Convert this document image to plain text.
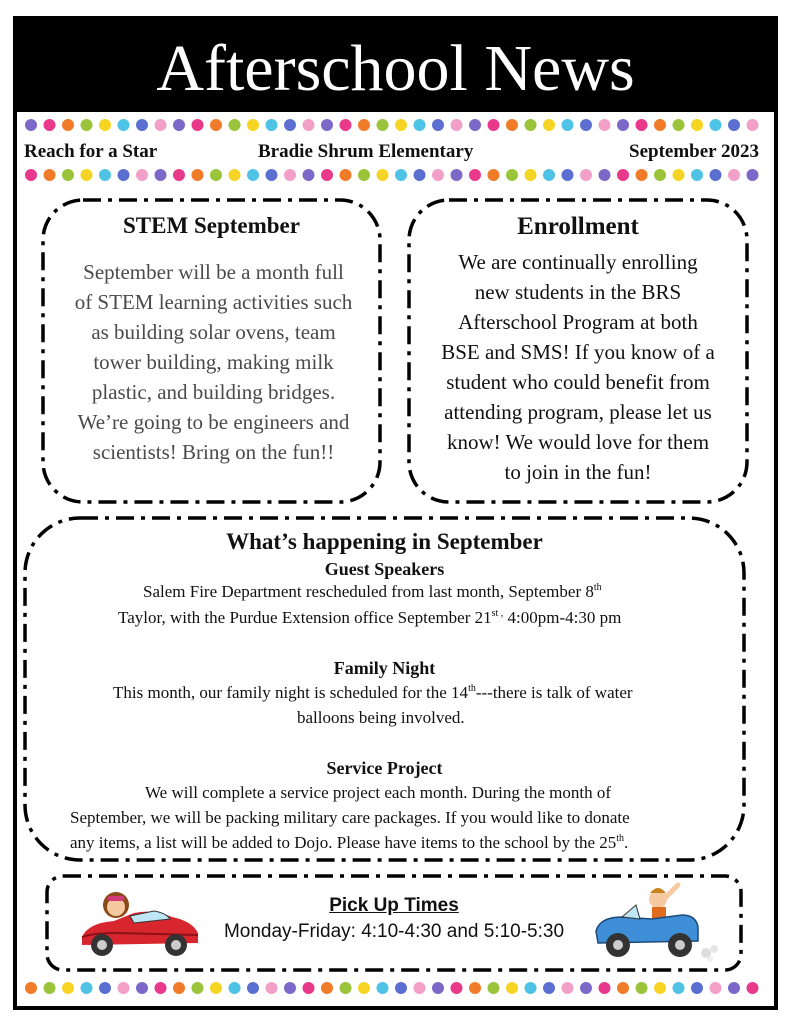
Afterschool News
Reach for a Star	Bradie Shrum Elementary	September 2023
STEM September
September will be a month full
of STEM learning activities such
as building solar ovens, team
tower building, making milk
plastic, and building bridges.
We’re going to be engineers and
scientists! Bring on the fun!!
Enrollment
We are continually enrolling
new students in the BRS
Afterschool Program at both
BSE and SMS! If you know of a
student who could benefit from
attending program, please let us
know! We would love for them
to join in the fun!
What’s happening in September
Guest Speakers
Salem Fire Department rescheduled from last month, September 8th
Taylor, with the Purdue Extension office September $21^{st ,}$ 4:00pm-4:30 pm
Family Night
This month, our family night is scheduled for the 14th---there is talk of water
balloons being involved.
Service Project
We will complete a service project each month. During the month of
September, we will be packing military care packages. If you would like to donate
any items, a list will be added to Dojo. Please have items to the school by the 25th.
Pick Up Times
Monday-Friday: 4:10-4:30 and 5:10-5:30
